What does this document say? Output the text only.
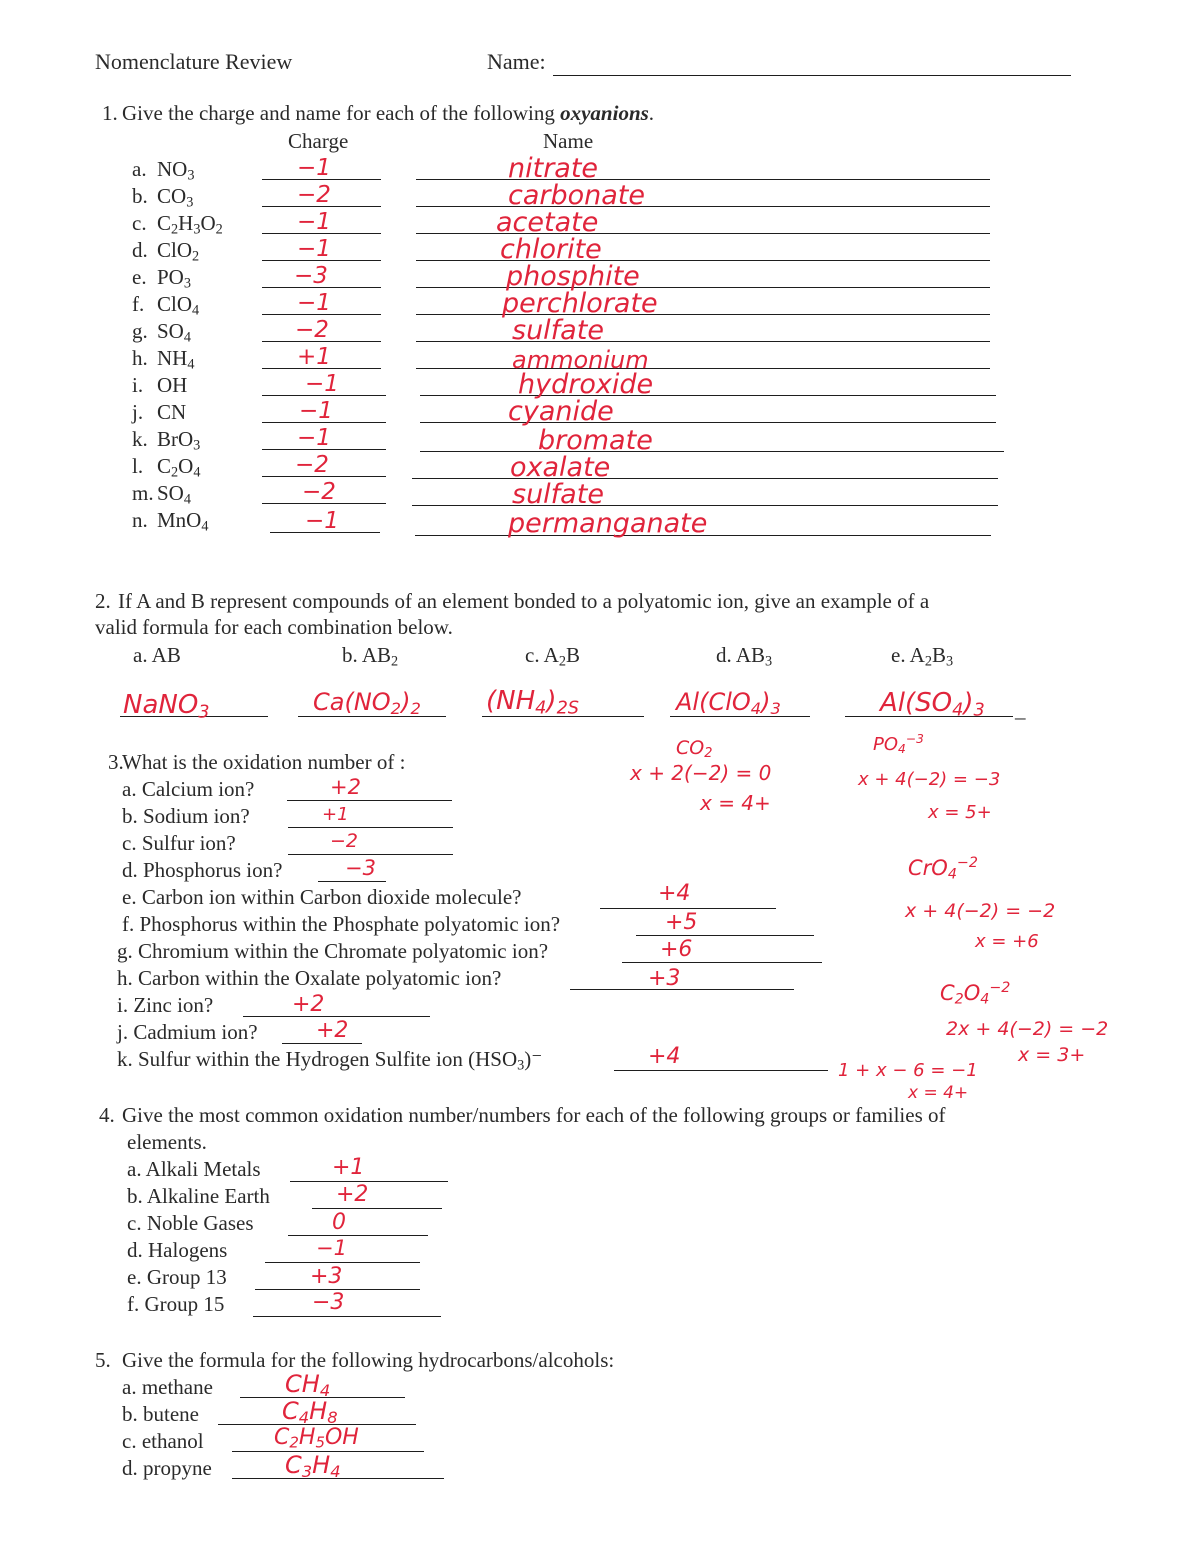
Nomenclature Review	Name:
1. Give the charge and name for each of the following oxyanions.
Charge	Name
a. $NO_3$	−1	nitrate
b. $CO_3$	−2	carbonate
c. $C_2H_3O_2$	−1	acetate
d. ClO$_2$	−1	chlorite
e. $PO_3$	−3	phosphite
f. ClO$_4$	−1	perchlorate
g. $SO_4$	−2	sulfate
h. $NH_4$	+1	ammonium
i. OH	−1	hydroxide
j. CN	−1	cyanide
k. BrO$_3$	−1	bromate
l. $C_2O_4$	−2	oxalate
m. $SO_4$	−2	sulfate
n. MnO$_4$	−1	permanganate
2. If A and B represent compounds of an element bonded to a polyatomic ion, give an example of a
valid formula for each combination below.
a. AB	b. $AB_2$	c. $A_2B$	d. $AB_3$	e. $A_2B_3$
NaNO$_3$	$Ca(NO_2)_2$	$(NH_4)_{2S}$	$Al(ClO_4)_3$	$Al(SO_4)_3$ _
3.
What is the oxidation number of :
a. Calcium ion?	+2
b. Sodium ion?	+1
c. Sulfur ion?	−2
d. Phosphorus ion?	−3
e. Carbon ion within Carbon dioxide molecule?	+4
f. Phosphorus within the Phosphate polyatomic ion?	+5
g. Chromium within the Chromate polyatomic ion?	+6
h. Carbon within the Oxalate polyatomic ion?	+3
i. Zinc ion?	+2
j. Cadmium ion?	+2
k. Sulfur within the Hydrogen Sulfite ion $(HSO_3)^-$	+4
$CO_2$
x + 2(−2) = 0
x = 4+
$PO_4^{-3}$
x + 4(−2) = −3
x = 5+
CrO$_4^{-2}$
x + 4(−2) = −2
x = +6
$C_2O_4^{-2}$
2x + 4(−2) = −2
x = 3+
1 + x − 6 = −1
x = 4+
4. Give the most common oxidation number/numbers for each of the following groups or families of
elements.
a. Alkali Metals	+1
b. Alkaline Earth	+2
c. Noble Gases	0
d. Halogens	−1
e. Group 13	+3
f. Group 15	−3
5. Give the formula for the following hydrocarbons/alcohols:
a. methane	$CH_4$
b. butene	$C_4H_8$
c. ethanol	$C_2H_5OH$
d. propyne	$C_3H_4$
